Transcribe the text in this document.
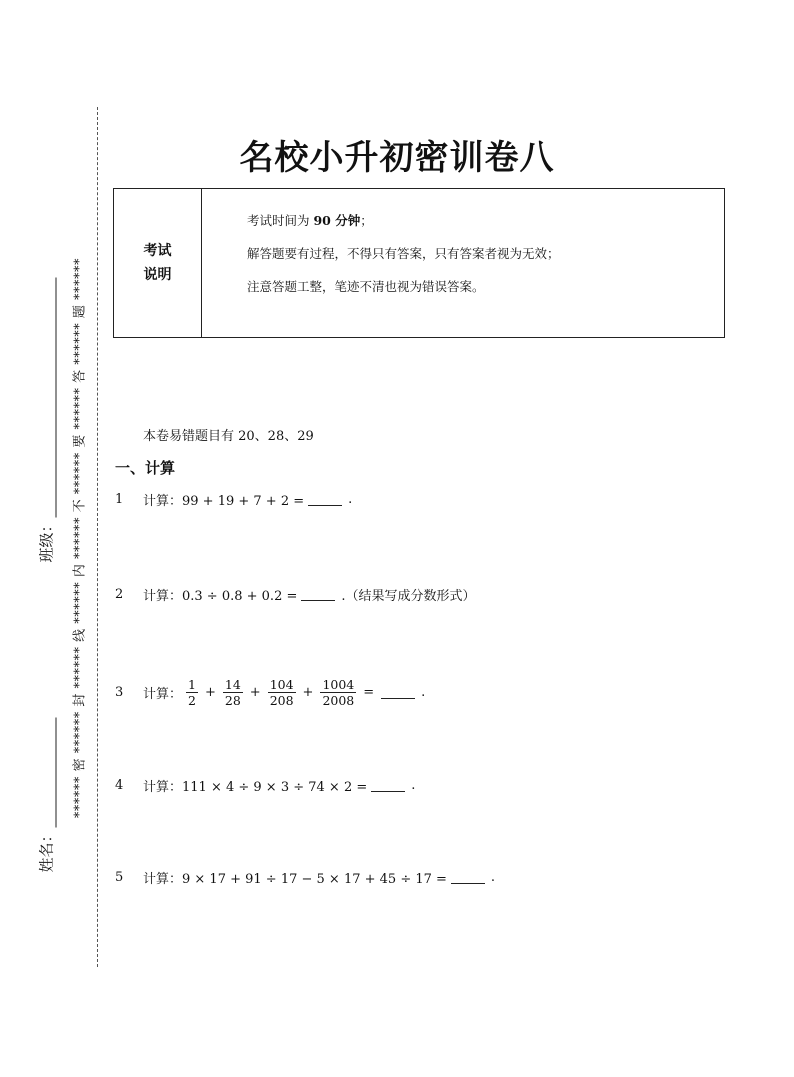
****** 密 ****** 封 ****** 线 ****** 内 ****** 不 ****** 要 ****** 答 ****** 题 ******
姓名：
班级：
名校小升初密训卷八
考试
说明
考试时间为 90 分钟；
解答题要有过程，不得只有答案，只有答案者视为无效；
注意答题工整，笔迹不清也视为错误答案。
本卷易错题目有 20、28、29
一、计算
1	计算：99 + 19 + 7 + 2 =	.
2	计算：0.3 ÷ 0.8 + 0.2 =	.（结果写成分数形式）
3	计算： $\frac{1}{2} + \frac{14}{28} + \frac{104}{208} + \frac{1004}{2008}$ =	.
4	计算：111 × 4 ÷ 9 × 3 ÷ 74 × 2 =	.
5	计算：9 × 17 + 91 ÷ 17 − 5 × 17 + 45 ÷ 17 =	.
